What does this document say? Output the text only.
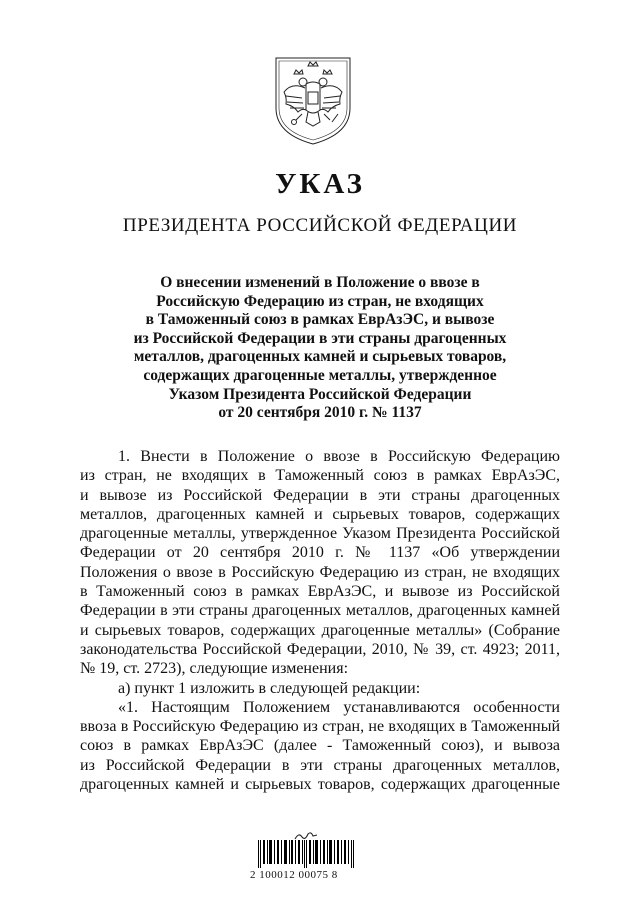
УКАЗ
ПРЕЗИДЕНТА РОССИЙСКОЙ ФЕДЕРАЦИИ
О внесении изменений в Положение о ввозе в
Российскую Федерацию из стран, не входящих
в Таможенный союз в рамках ЕврАзЭС, и вывозе
из Российской Федерации в эти страны драгоценных
металлов, драгоценных камней и сырьевых товаров,
содержащих драгоценные металлы, утвержденное
Указом Президента Российской Федерации
от 20 сентября 2010 г. № 1137
1. Внести в Положение о ввозе в Российскую Федерацию
из стран, не входящих в Таможенный союз в рамках ЕврАзЭС,
и вывозе из Российской Федерации в эти страны драгоценных
металлов, драгоценных камней и сырьевых товаров, содержащих
драгоценные металлы, утвержденное Указом Президента Российской
Федерации от 20 сентября 2010 г. № 1137 «Об утверждении
Положения о ввозе в Российскую Федерацию из стран, не входящих
в Таможенный союз в рамках ЕврАзЭС, и вывозе из Российской
Федерации в эти страны драгоценных металлов, драгоценных камней
и сырьевых товаров, содержащих драгоценные металлы» (Собрание
законодательства Российской Федерации, 2010, № 39, ст. 4923; 2011,
№ 19, ст. 2723), следующие изменения:
а) пункт 1 изложить в следующей редакции:
«1. Настоящим Положением устанавливаются особенности
ввоза в Российскую Федерацию из стран, не входящих в Таможенный
союз в рамках ЕврАзЭС (далее - Таможенный союз), и вывоза
из Российской Федерации в эти страны драгоценных металлов,
драгоценных камней и сырьевых товаров, содержащих драгоценные
2 100012 00075 8
